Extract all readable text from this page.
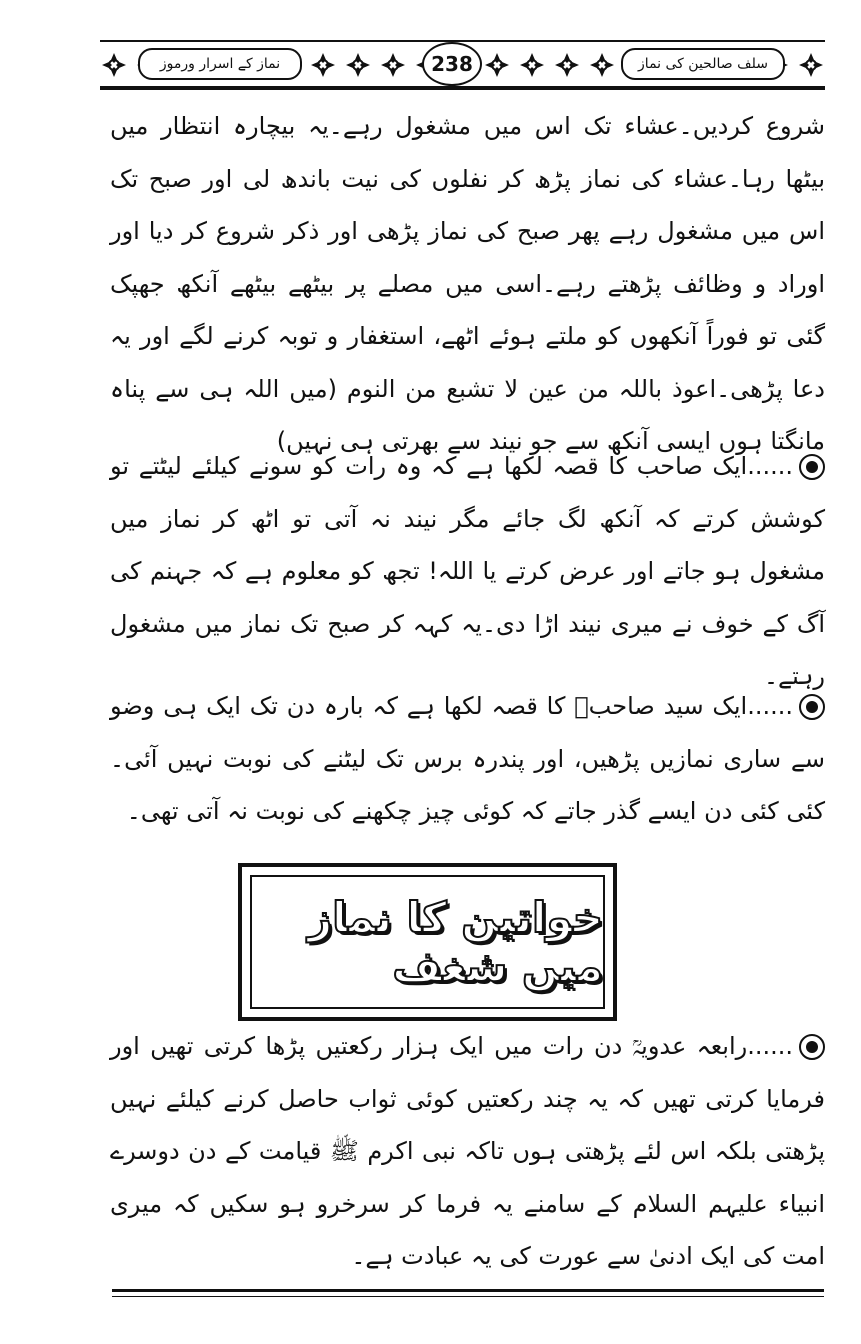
سلف صالحین کی نماز
238
نماز کے اسرار ورموز

شروع کردیں۔عشاء تک اس میں مشغول رہے۔یہ بیچارہ انتظار میں بیٹھا رہا۔عشاء کی نماز پڑھ کر نفلوں کی نیت باندھ لی اور صبح تک اس میں مشغول رہے پھر صبح کی نماز پڑھی اور ذکر شروع کر دیا اور اوراد و وظائف پڑھتے رہے۔اسی میں مصلے پر بیٹھے بیٹھے آنکھ جھپک گئی تو فوراً آنکھوں کو ملتے ہوئے اٹھے، استغفار و توبہ کرنے لگے اور یہ دعا پڑھی۔اعوذ باللہ من عین لا تشبع من النوم (میں اللہ ہی سے پناہ مانگتا ہوں ایسی آنکھ سے جو نیند سے بھرتی ہی نہیں)

......ایک صاحب کا قصہ لکھا ہے کہ وہ رات کو سونے کیلئے لیٹتے تو کوشش کرتے کہ آنکھ لگ جائے مگر نیند نہ آتی تو اٹھ کر نماز میں مشغول ہو جاتے اور عرض کرتے یا اللہ! تجھ کو معلوم ہے کہ جہنم کی آگ کے خوف نے میری نیند اڑا دی۔یہ کہہ کر صبح تک نماز میں مشغول رہتے۔

......ایک سید صاحبؒ کا قصہ لکھا ہے کہ بارہ دن تک ایک ہی وضو سے ساری نمازیں پڑھیں، اور پندرہ برس تک لیٹنے کی نوبت نہیں آئی۔کئی کئی دن ایسے گذر جاتے کہ کوئی چیز چکھنے کی نوبت نہ آتی تھی۔

خواتین کا نماز میں شغف

......رابعہ عدویہؒ دن رات میں ایک ہزار رکعتیں پڑھا کرتی تھیں اور فرمایا کرتی تھیں کہ یہ چند رکعتیں کوئی ثواب حاصل کرنے کیلئے نہیں پڑھتی بلکہ اس لئے پڑھتی ہوں تاکہ نبی اکرم ﷺ قیامت کے دن دوسرے انبیاء علیہم السلام کے سامنے یہ فرما کر سرخرو ہو سکیں کہ میری امت کی ایک ادنیٰ سے عورت کی یہ عبادت ہے۔
